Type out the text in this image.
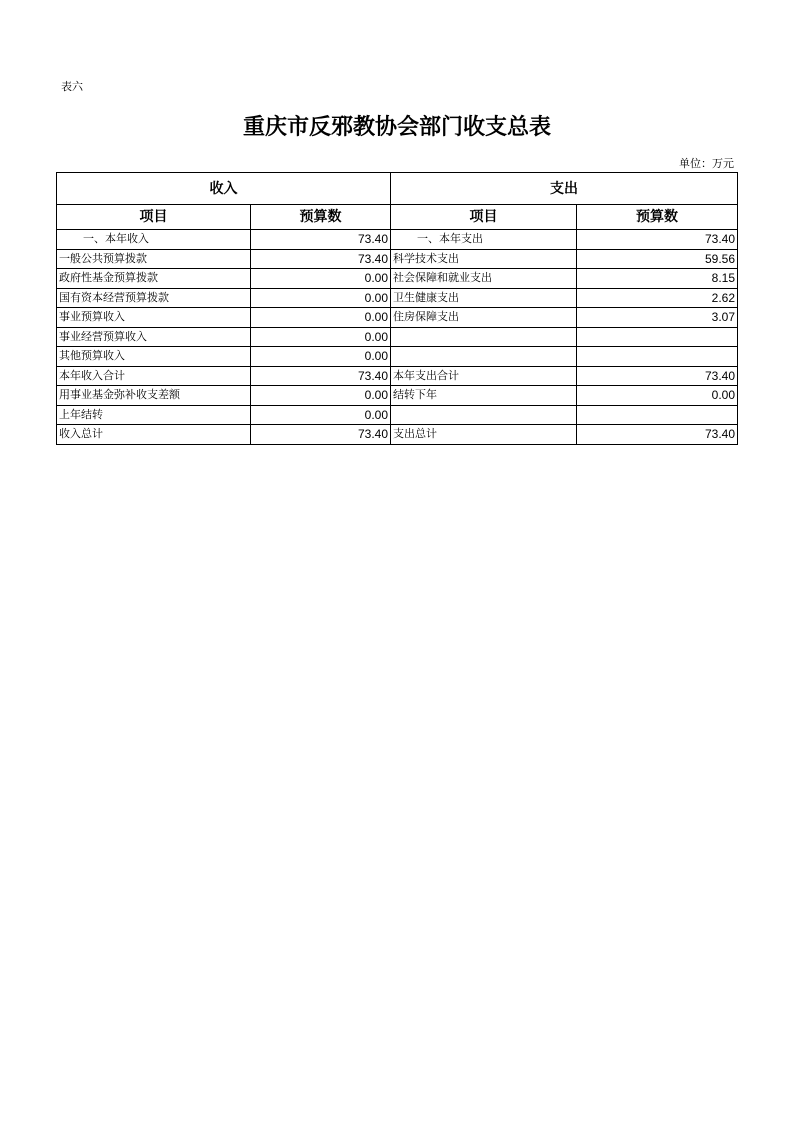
表六
重庆市反邪教协会部门收支总表
单位：万元
收入		支出	
项目	预算数	项目	预算数
一、本年收入	73.40	一、本年支出	73.40
一般公共预算拨款	73.40	科学技术支出	59.56
政府性基金预算拨款	0.00	社会保障和就业支出	8.15
国有资本经营预算拨款	0.00	卫生健康支出	2.62
事业预算收入	0.00	住房保障支出	3.07
事业经营预算收入	0.00		
其他预算收入	0.00		
本年收入合计	73.40	本年支出合计	73.40
用事业基金弥补收支差额	0.00	结转下年	0.00
上年结转	0.00		
收入总计	73.40	支出总计	73.40
